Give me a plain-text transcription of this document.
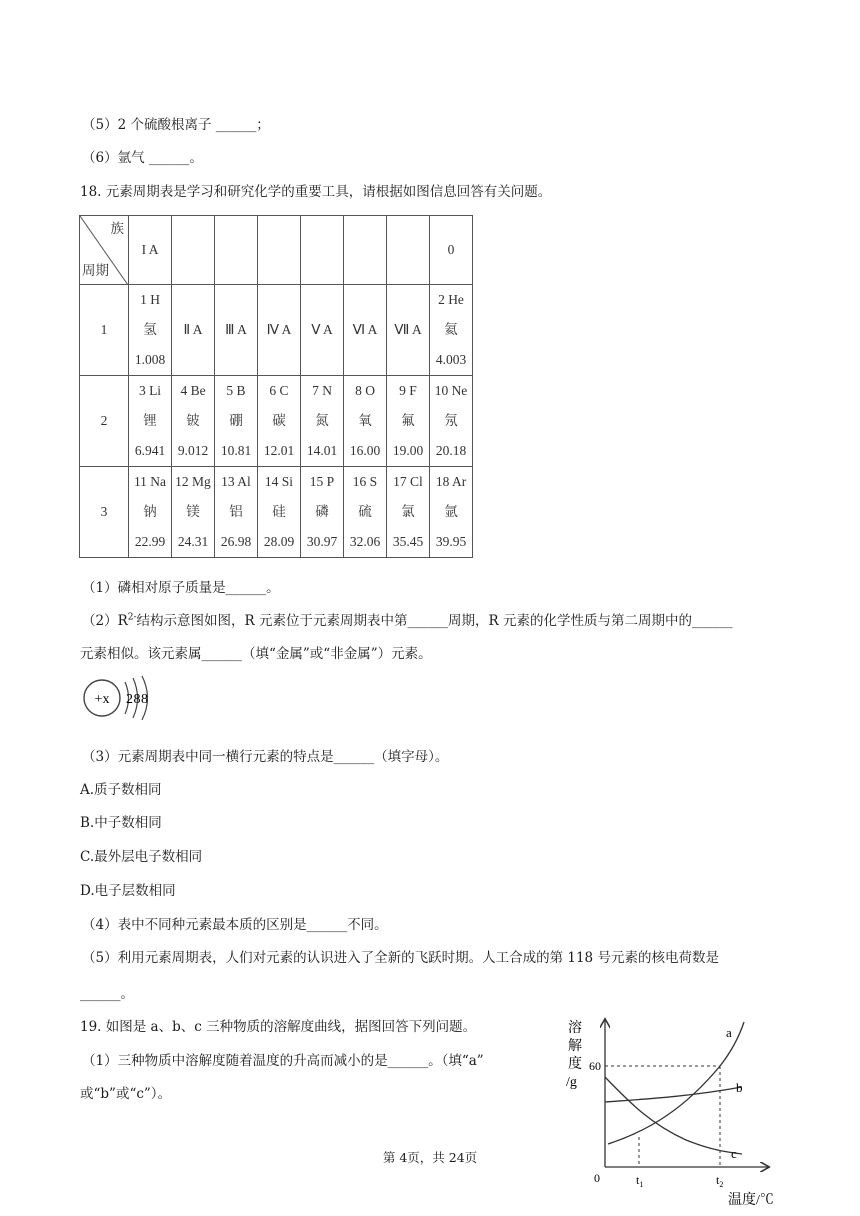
（5）2 个硫酸根离子 ______；
（6）氩气 ______。
18. 元素周期表是学习和研究化学的重要工具，请根据如图信息回答有关问题。
族
周期	I A							0
1	1 H
氢
1.008	Ⅱ A	Ⅲ A	Ⅳ A	Ⅴ A	Ⅵ A	Ⅶ A	2 He
氦
4.003

2	3 Li
锂
6.941	4 Be
铍
9.012	5 B
硼
10.81	6 C
碳
12.01	7 N
氮
14.01	8 O
氧
16.00	9 F
氟
19.00	10 Ne
氖
20.18

3	11 Na
钠
22.99	12 Mg
镁
24.31	13 Al
铝
26.98	14 Si
硅
28.09	15 P
磷
30.97	16 S
硫
32.06	17 Cl
氯
35.45	18 Ar
氩
39.95
（1）磷相对原子质量是______。
$(2)R^{2-}$结构示意图如图，R 元素位于元素周期表中第______周期，R 元素的化学性质与第二周期中的______
元素相似。该元素属______（填“金属”或“非金属”）元素。
+x 2 8 8
（3）元素周期表中同一横行元素的特点是______（填字母）。
A.质子数相同
B.中子数相同
C.最外层电子数相同
D.电子层数相同
（4）表中不同种元素最本质的区别是______不同。
（5）利用元素周期表，人们对元素的认识进入了全新的飞跃时期。人工合成的第 118 号元素的核电荷数是
______。
19. 如图是 a、b、c 三种物质的溶解度曲线，据图回答下列问题。
（1）三种物质中溶解度随着温度的升高而减小的是______。（填“a”
或“b”或“c”）。
溶
解
度
/g
60
a
b
c
0	$t_1$	$t_2$
温度/℃
第 4页，共 24页
